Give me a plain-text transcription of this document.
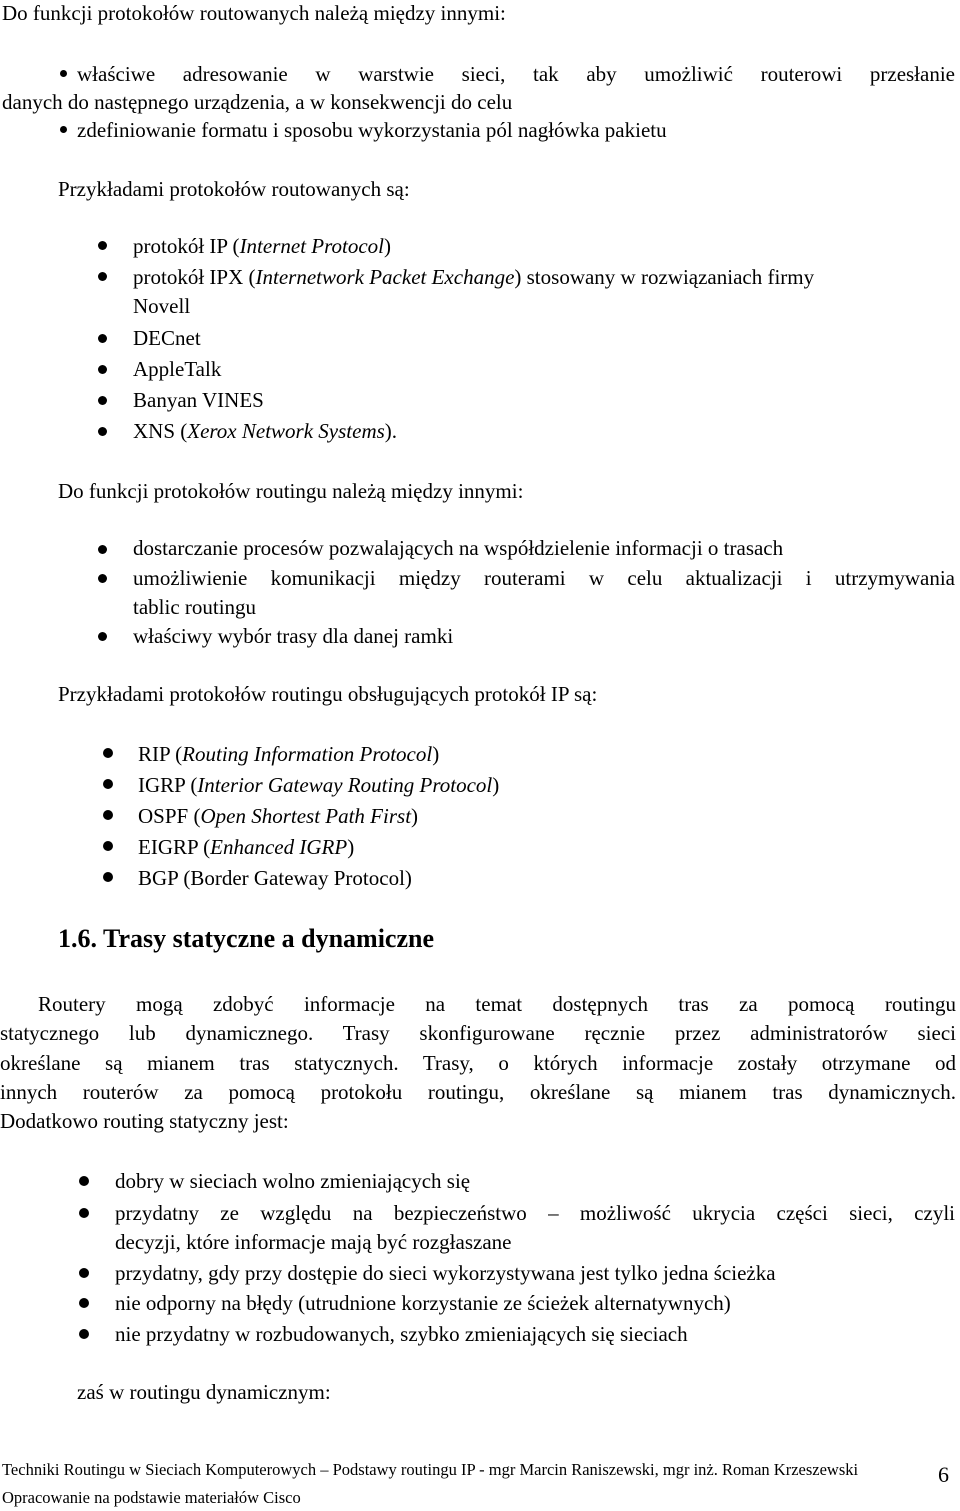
Do funkcji protokołów routowanych należą między innymi:
właściwe adresowanie w warstwie sieci, tak aby umożliwić routerowi przesłanie
danych do następnego urządzenia, a w konsekwencji do celu
zdefiniowanie formatu i sposobu wykorzystania pól nagłówka pakietu
Przykładami protokołów routowanych są:
protokół IP (Internet Protocol)
protokół IPX (Internetwork Packet Exchange) stosowany w rozwiązaniach firmy
Novell
DECnet
AppleTalk
Banyan VINES
XNS (Xerox Network Systems).
Do funkcji protokołów routingu należą między innymi:
dostarczanie procesów pozwalających na współdzielenie informacji o trasach
umożliwienie komunikacji między routerami w celu aktualizacji i utrzymywania
tablic routingu
właściwy wybór trasy dla danej ramki
Przykładami protokołów routingu obsługujących protokół IP są:
RIP (Routing Information Protocol)
IGRP (Interior Gateway Routing Protocol)
OSPF (Open Shortest Path First)
EIGRP (Enhanced IGRP)
BGP (Border Gateway Protocol)
1.6. Trasy statyczne a dynamiczne
Routery mogą zdobyć informacje na temat dostępnych tras za pomocą routingu
statycznego lub dynamicznego. Trasy skonfigurowane ręcznie przez administratorów sieci
określane są mianem tras statycznych. Trasy, o których informacje zostały otrzymane od
innych routerów za pomocą protokołu routingu, określane są mianem tras dynamicznych.
Dodatkowo routing statyczny jest:
dobry w sieciach wolno zmieniających się
przydatny ze względu na bezpieczeństwo – możliwość ukrycia części sieci, czyli
decyzji, które informacje mają być rozgłaszane
przydatny, gdy przy dostępie do sieci wykorzystywana jest tylko jedna ścieżka
nie odporny na błędy (utrudnione korzystanie ze ścieżek alternatywnych)
nie przydatny w rozbudowanych, szybko zmieniających się sieciach
zaś w routingu dynamicznym:
Techniki Routingu w Sieciach Komputerowych – Podstawy routingu IP - mgr Marcin Raniszewski, mgr inż. Roman Krzeszewski
Opracowanie na podstawie materiałów Cisco
6
